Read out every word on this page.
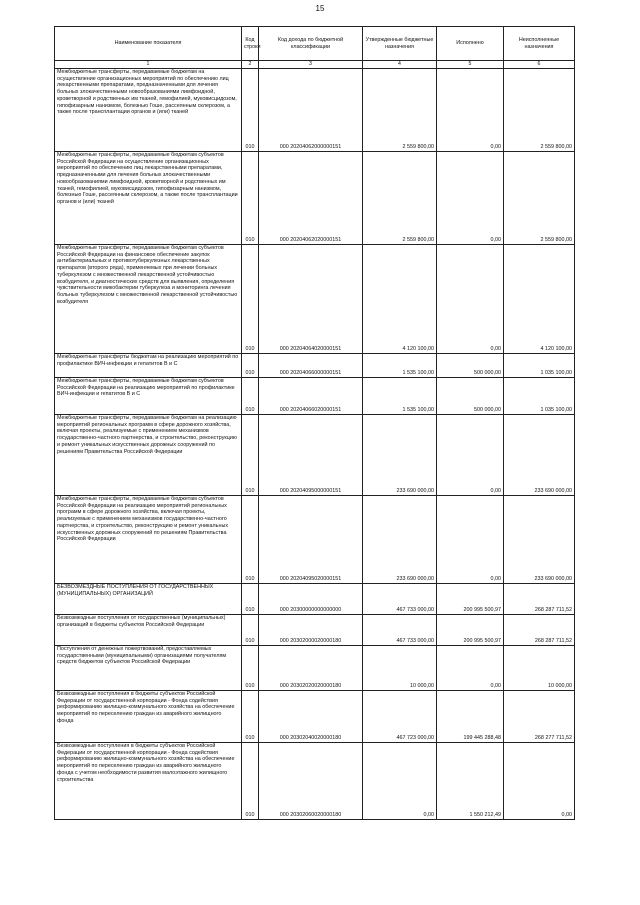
15
Наименование показателя	Код строки	Код дохода по бюджетной классификации	Утвержденные бюджетные назначения	Исполнено	Неисполненные назначения
1	2	3	4	5	6
Межбюджетные трансферты, передаваемые бюджетам на осуществление организационных мероприятий по обеспечению лиц лекарственными препаратами, предназначенными для лечения больных злокачественными новообразованиями лимфоидной, кроветворной и родственных им тканей, гемофилией, муковисцидозом, гипофизарным нанизмом, болезнью Гоше, рассеянным склерозом, а также после трансплантации органов и (или) тканей	010	000 20204062000000151	2 559 800,00	0,00	2 559 800,00
Межбюджетные трансферты, передаваемые бюджетам субъектов Российской Федерации на осуществление организационных мероприятий по обеспечению лиц лекарственными препаратами, предназначенными для лечения больных злокачественными новообразованиями лимфоидной, кроветворной и родственных им тканей, гемофилией, муковисцидозом, гипофизарным нанизмом, болезнью Гоше, рассеянным склерозом, а также после трансплантации органов и (или) тканей	010	000 20204062020000151	2 559 800,00	0,00	2 559 800,00
Межбюджетные трансферты, передаваемые бюджетам субъектов Российской Федерации на финансовое обеспечение закупок антибактериальных и противотуберкулезных лекарственных препаратов (второго ряда), применяемых при лечении больных туберкулезом с множественной лекарственной устойчивостью возбудителя, и диагностических средств для выявления, определения чувствительности микобактерии туберкулеза и мониторинга лечения больных туберкулезом с множественной лекарственной устойчивостью возбудителя	010	000 20204064020000151	4 120 100,00	0,00	4 120 100,00
Межбюджетные трансферты бюджетам на реализацию мероприятий по профилактике ВИЧ-инфекции и гепатитов B и C	010	000 20204066000000151	1 535 100,00	500 000,00	1 035 100,00
Межбюджетные трансферты, передаваемые бюджетам субъектов Российской Федерации на реализацию мероприятий по профилактике ВИЧ-инфекции и гепатитов B и C	010	000 20204066020000151	1 535 100,00	500 000,00	1 035 100,00
Межбюджетные трансферты, передаваемые бюджетам на реализацию мероприятий региональных программ в сфере дорожного хозяйства, включая проекты, реализуемые с применением механизмов государственно-частного партнерства, и строительство, реконструкцию и ремонт уникальных искусственных дорожных сооружений по решениям Правительства Российской Федерации	010	000 20204095000000151	233 690 000,00	0,00	233 690 000,00
Межбюджетные трансферты, передаваемые бюджетам субъектов Российской Федерации на реализацию мероприятий региональных программ в сфере дорожного хозяйства, включая проекты, реализуемые с применением механизмов государственно-частного партнерства, и строительство, реконструкцию и ремонт уникальных искусственных дорожных сооружений по решениям Правительства Российской Федерации	010	000 20204095020000151	233 690 000,00	0,00	233 690 000,00
БЕЗВОЗМЕЗДНЫЕ ПОСТУПЛЕНИЯ ОТ ГОСУДАРСТВЕННЫХ (МУНИЦИПАЛЬНЫХ) ОРГАНИЗАЦИЙ	010	000 20300000000000000	467 733 000,00	200 995 500,97	268 287 711,52
Безвозмездные поступления от государственных (муниципальных) организаций в бюджеты субъектов Российской Федерации	010	000 20302000020000180	467 733 000,00	200 995 500,97	268 287 711,52
Поступления от денежных пожертвований, предоставляемых государственными (муниципальными) организациями получателям средств бюджетов субъектов Российской Федерации	010	000 20302020020000180	10 000,00	0,00	10 000,00
Безвозмездные поступления в бюджеты субъектов Российской Федерации от государственной корпорации - Фонда содействия реформированию жилищно-коммунального хозяйства на обеспечение мероприятий по переселению граждан из аварийного жилищного фонда	010	000 20302040020000180	467 723 000,00	199 445 288,48	268 277 711,52
Безвозмездные поступления в бюджеты субъектов Российской Федерации от государственной корпорации - Фонда содействия реформированию жилищно-коммунального хозяйства на обеспечение мероприятий по переселению граждан из аварийного жилищного фонда с учетом необходимости развития малоэтажного жилищного строительства	010	000 20302060020000180	0,00	1 550 212,49	0,00
